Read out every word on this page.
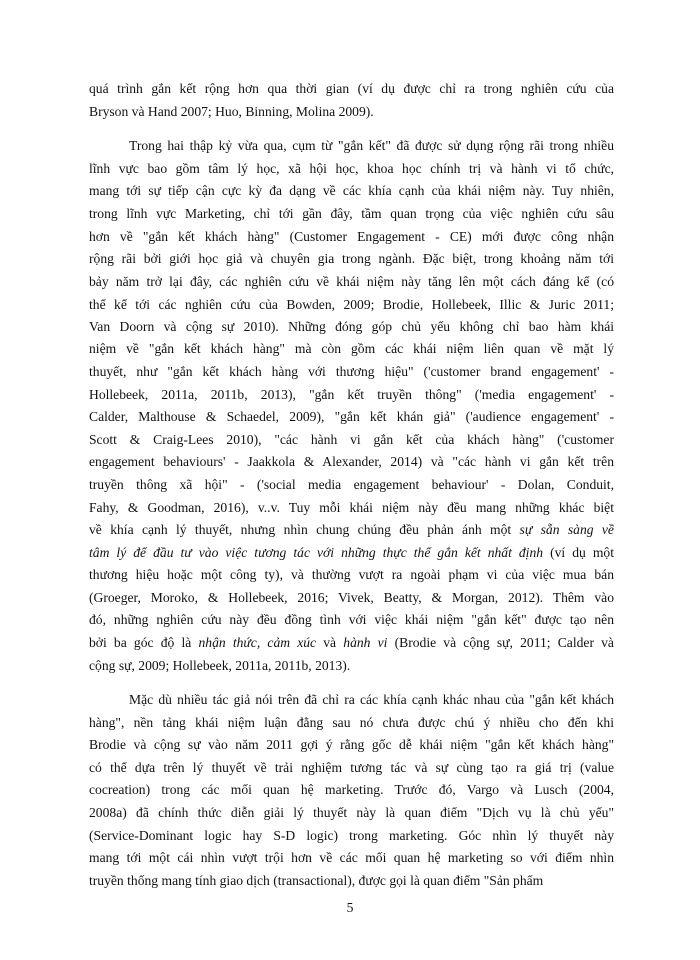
quá trình gắn kết rộng hơn qua thời gian (ví dụ được chỉ ra trong nghiên cứu của
Bryson và Hand 2007; Huo, Binning, Molina 2009).
Trong hai thập kỷ vừa qua, cụm từ "gắn kết" đã được sử dụng rộng rãi trong nhiều
lĩnh vực bao gồm tâm lý học, xã hội học, khoa học chính trị và hành vi tổ chức,
mang tới sự tiếp cận cực kỳ đa dạng về các khía cạnh của khái niệm này. Tuy nhiên,
trong lĩnh vực Marketing, chỉ tới gần đây, tầm quan trọng của việc nghiên cứu sâu
hơn về "gắn kết khách hàng" (Customer Engagement - CE) mới được công nhận
rộng rãi bởi giới học giả và chuyên gia trong ngành. Đặc biệt, trong khoảng năm tới
bảy năm trở lại đây, các nghiên cứu về khái niệm này tăng lên một cách đáng kể (có
thể kể tới các nghiên cứu của Bowden, 2009; Brodie, Hollebeek, Illic & Juric 2011;
Van Doorn và cộng sự 2010). Những đóng góp chủ yếu không chỉ bao hàm khái
niệm về "gắn kết khách hàng" mà còn gồm các khái niệm liên quan về mặt lý
thuyết, như "gắn kết khách hàng với thương hiệu" ('customer brand engagement' -
Hollebeek, 2011a, 2011b, 2013), "gắn kết truyền thông" ('media engagement' -
Calder, Malthouse & Schaedel, 2009), "gắn kết khán giả" ('audience engagement' -
Scott & Craig-Lees 2010), "các hành vi gắn kết của khách hàng" ('customer
engagement behaviours' - Jaakkola & Alexander, 2014) và "các hành vi gắn kết trên
truyền thông xã hội" - ('social media engagement behaviour' - Dolan, Conduit,
Fahy, & Goodman, 2016), v..v. Tuy mỗi khái niệm này đều mang những khác biệt
về khía cạnh lý thuyết, nhưng nhìn chung chúng đều phản ánh một sự sẵn sàng về
tâm lý để đầu tư vào việc tương tác với những thực thể gắn kết nhất định (ví dụ một
thương hiệu hoặc một công ty), và thường vượt ra ngoài phạm vi của việc mua bán
(Groeger, Moroko, & Hollebeek, 2016; Vivek, Beatty, & Morgan, 2012). Thêm vào
đó, những nghiên cứu này đều đồng tình với việc khái niệm "gắn kết" được tạo nên
bởi ba góc độ là nhận thức, cảm xúc và hành vi (Brodie và cộng sự, 2011; Calder và
cộng sự, 2009; Hollebeek, 2011a, 2011b, 2013).
Mặc dù nhiều tác giả nói trên đã chỉ ra các khía cạnh khác nhau của "gắn kết khách
hàng", nền tảng khái niệm luận đằng sau nó chưa được chú ý nhiều cho đến khi
Brodie và cộng sự vào năm 2011 gợi ý rằng gốc dễ khái niệm "gắn kết khách hàng"
có thể dựa trên lý thuyết về trải nghiệm tương tác và sự cùng tạo ra giá trị (value
cocreation) trong các mối quan hệ marketing. Trước đó, Vargo và Lusch (2004,
2008a) đã chính thức diễn giải lý thuyết này là quan điểm "Dịch vụ là chủ yếu"
(Service-Dominant logic hay S-D logic) trong marketing. Góc nhìn lý thuyết này
mang tới một cái nhìn vượt trội hơn về các mối quan hệ marketing so với điểm nhìn
truyền thống mang tính giao dịch (transactional), được gọi là quan điểm "Sản phẩm
5
